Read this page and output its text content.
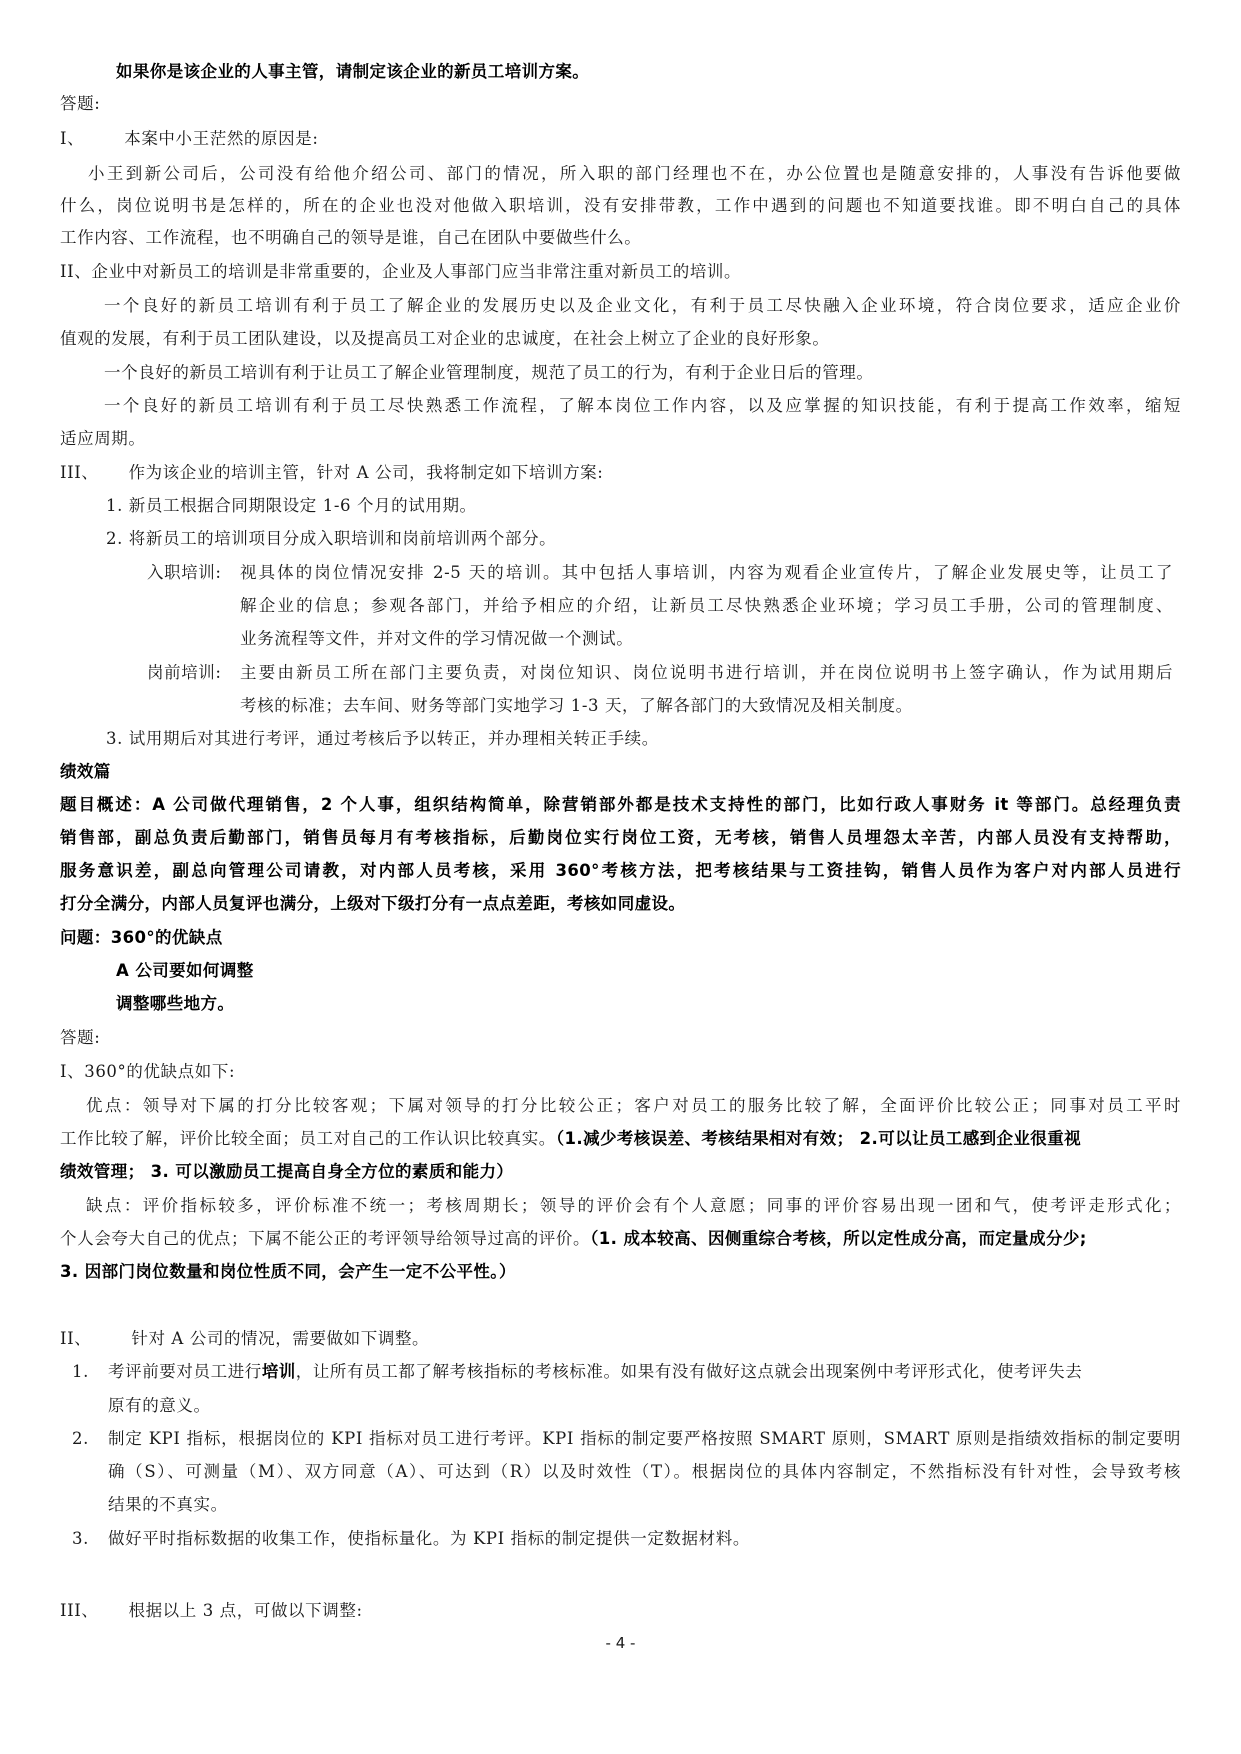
如果你是该企业的人事主管，请制定该企业的新员工培训方案。
答题:
I、 本案中小王茫然的原因是:
小王到新公司后，公司没有给他介绍公司、部门的情况，所入职的部门经理也不在，办公位置也是随意安排的，人事没有告诉他要做
什么，岗位说明书是怎样的，所在的企业也没对他做入职培训，没有安排带教，工作中遇到的问题也不知道要找谁。即不明白自己的具体
工作内容、工作流程，也不明确自己的领导是谁，自己在团队中要做些什么。
II、企业中对新员工的培训是非常重要的，企业及人事部门应当非常注重对新员工的培训。
一个良好的新员工培训有利于员工了解企业的发展历史以及企业文化，有利于员工尽快融入企业环境，符合岗位要求，适应企业价
值观的发展，有利于员工团队建设，以及提高员工对企业的忠诚度，在社会上树立了企业的良好形象。
一个良好的新员工培训有利于让员工了解企业管理制度，规范了员工的行为，有利于企业日后的管理。
一个良好的新员工培训有利于员工尽快熟悉工作流程，了解本岗位工作内容，以及应掌握的知识技能，有利于提高工作效率，缩短
适应周期。
III、 作为该企业的培训主管，针对 A 公司，我将制定如下培训方案:
1. 新员工根据合同期限设定 1-6 个月的试用期。
2. 将新员工的培训项目分成入职培训和岗前培训两个部分。
入职培训:	视具体的岗位情况安排 2-5 天的培训。其中包括人事培训，内容为观看企业宣传片，了解企业发展史等，让员工了
解企业的信息；参观各部门，并给予相应的介绍，让新员工尽快熟悉企业环境；学习员工手册，公司的管理制度、
业务流程等文件，并对文件的学习情况做一个测试。
岗前培训:	主要由新员工所在部门主要负责，对岗位知识、岗位说明书进行培训，并在岗位说明书上签字确认，作为试用期后
考核的标准；去车间、财务等部门实地学习 1-3 天，了解各部门的大致情况及相关制度。
3. 试用期后对其进行考评，通过考核后予以转正，并办理相关转正手续。
绩效篇
题目概述：A 公司做代理销售，2 个人事，组织结构简单，除营销部外都是技术支持性的部门，比如行政人事财务 it 等部门。总经理负责
销售部，副总负责后勤部门，销售员每月有考核指标，后勤岗位实行岗位工资，无考核，销售人员埋怨太辛苦，内部人员没有支持帮助，
服务意识差，副总向管理公司请教，对内部人员考核，采用 360°考核方法，把考核结果与工资挂钩，销售人员作为客户对内部人员进行
打分全满分，内部人员复评也满分，上级对下级打分有一点点差距，考核如同虚设。
问题：360°的优缺点
A 公司要如何调整
调整哪些地方。
答题:
I、360°的优缺点如下:
优点：领导对下属的打分比较客观；下属对领导的打分比较公正；客户对员工的服务比较了解，全面评价比较公正；同事对员工平时
工作比较了解，评价比较全面；员工对自己的工作认识比较真实。（1.减少考核误差、考核结果相对有效； 2.可以让员工感到企业很重视
绩效管理； 3. 可以激励员工提高自身全方位的素质和能力）
缺点：评价指标较多，评价标准不统一；考核周期长；领导的评价会有个人意愿；同事的评价容易出现一团和气，使考评走形式化；
个人会夸大自己的优点；下属不能公正的考评领导给领导过高的评价。（1. 成本较高、因侧重综合考核，所以定性成分高，而定量成分少;
3. 因部门岗位数量和岗位性质不同，会产生一定不公平性。）
II、 针对 A 公司的情况，需要做如下调整。
1.	考评前要对员工进行培训，让所有员工都了解考核指标的考核标准。如果有没有做好这点就会出现案例中考评形式化，使考评失去
原有的意义。
2.	制定 KPI 指标，根据岗位的 KPI 指标对员工进行考评。KPI 指标的制定要严格按照 SMART 原则，SMART 原则是指绩效指标的制定要明
确（S）、可测量（M）、双方同意（A）、可达到（R）以及时效性（T）。根据岗位的具体内容制定，不然指标没有针对性，会导致考核
结果的不真实。
3.	做好平时指标数据的收集工作，使指标量化。为 KPI 指标的制定提供一定数据材料。
III、 根据以上 3 点，可做以下调整:
- 4 -
